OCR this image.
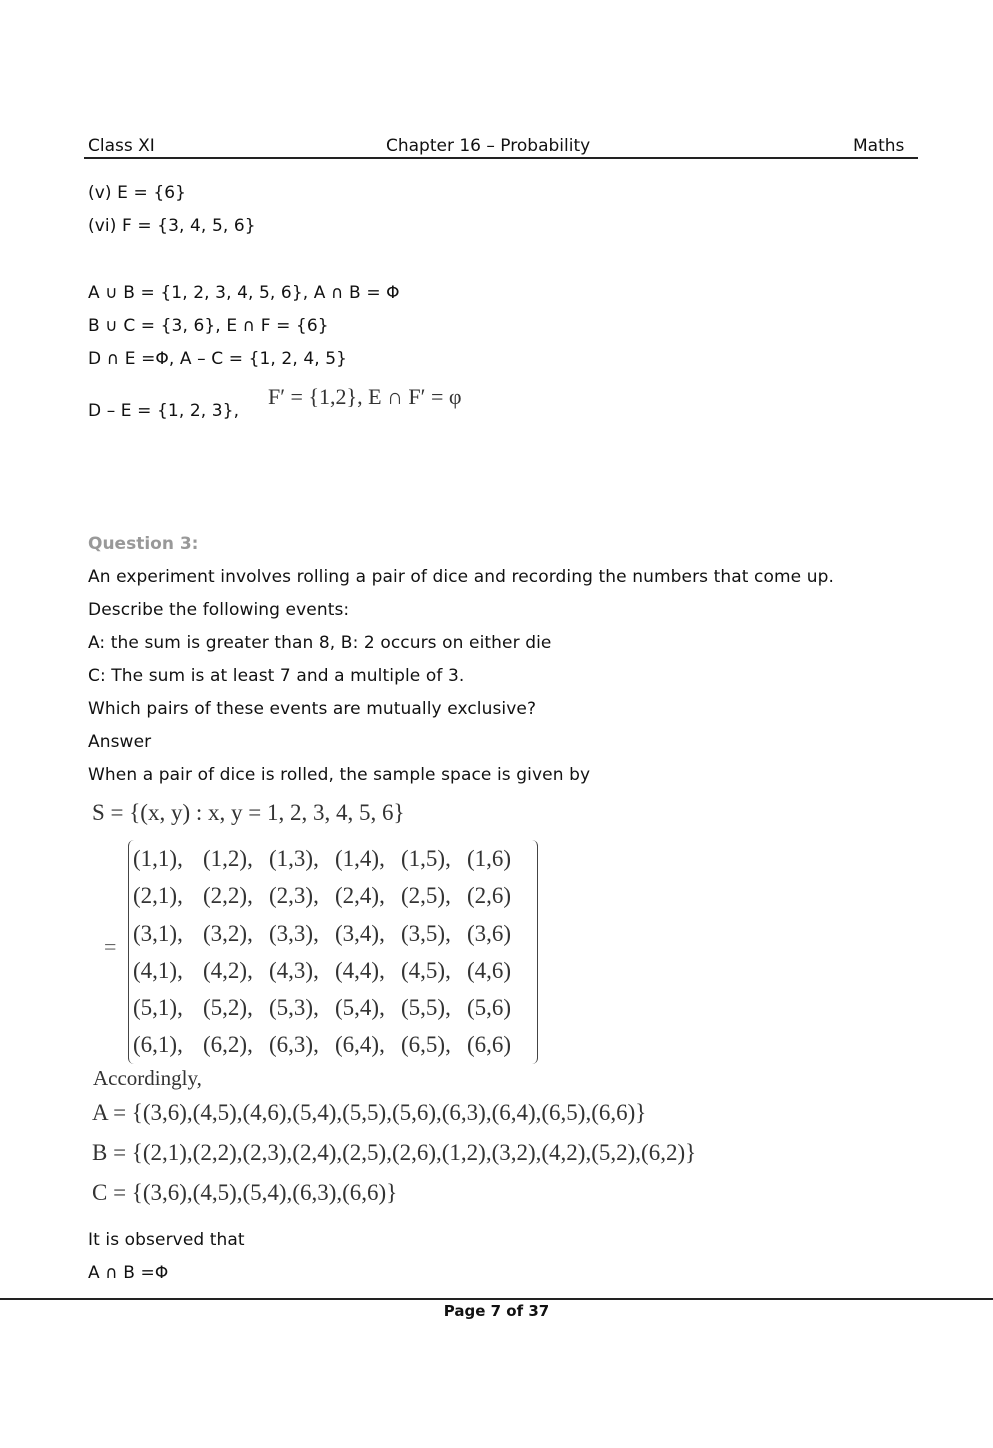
Class XI	Chapter 16 – Probability	Maths
(v) E = {6}
(vi) F = {3, 4, 5, 6}
A ∪ B = {1, 2, 3, 4, 5, 6}, A ∩ B = Φ
B ∪ C = {3, 6}, E ∩ F = {6}
D ∩ E =Φ, A – C = {1, 2, 4, 5}
D – E = {1, 2, 3},
F′ = {1,2}, E ∩ F′ = φ
Question 3:
An experiment involves rolling a pair of dice and recording the numbers that come up.
Describe the following events:
A: the sum is greater than 8, B: 2 occurs on either die
C: The sum is at least 7 and a multiple of 3.
Which pairs of these events are mutually exclusive?
Answer
When a pair of dice is rolled, the sample space is given by
S = {(x, y) : x, y = 1, 2, 3, 4, 5, 6}
=
(1,1), (1,2), (1,3), (1,4), (1,5), (1,6)
(2,1), (2,2), (2,3), (2,4), (2,5), (2,6)
(3,1), (3,2), (3,3), (3,4), (3,5), (3,6)
(4,1), (4,2), (4,3), (4,4), (4,5), (4,6)
(5,1), (5,2), (5,3), (5,4), (5,5), (5,6)
(6,1), (6,2), (6,3), (6,4), (6,5), (6,6)
Accordingly,
A = {(3,6),(4,5),(4,6),(5,4),(5,5),(5,6),(6,3),(6,4),(6,5),(6,6)}
B = {(2,1),(2,2),(2,3),(2,4),(2,5),(2,6),(1,2),(3,2),(4,2),(5,2),(6,2)}
C = {(3,6),(4,5),(5,4),(6,3),(6,6)}
It is observed that
A ∩ B =Φ
Page 7 of 37
